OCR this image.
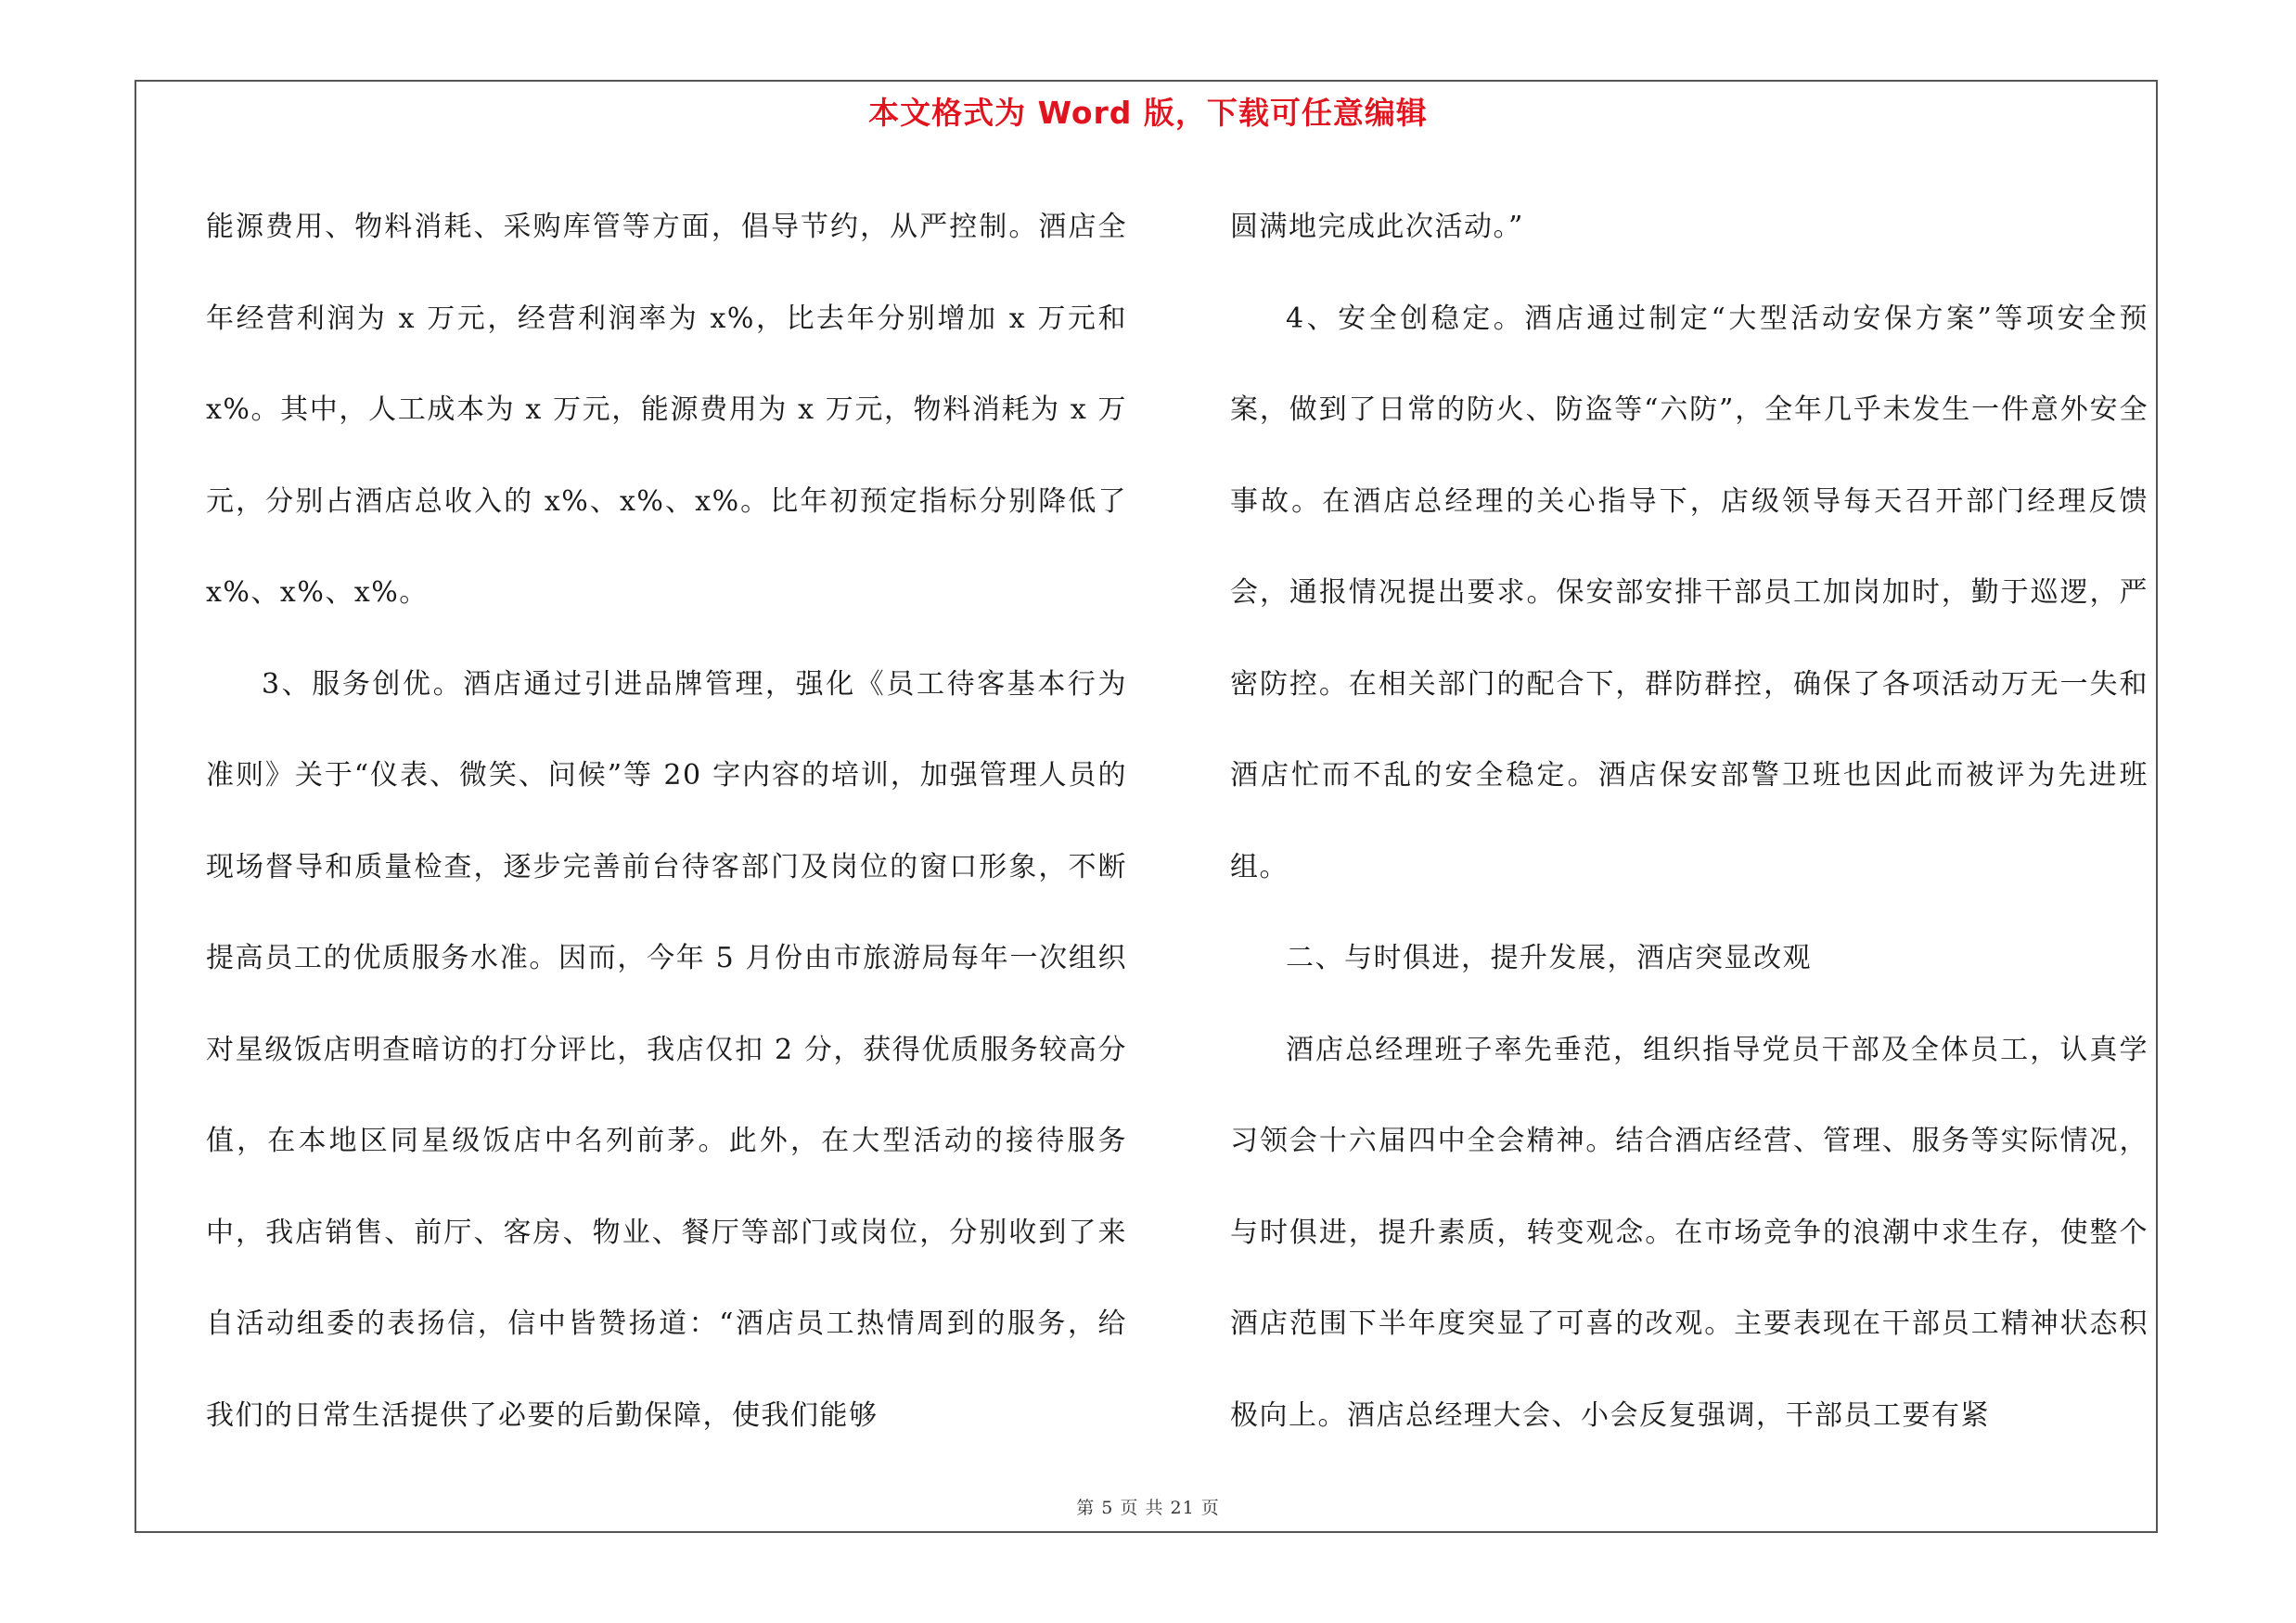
本文格式为 Word 版，下载可任意编辑

能源费用、物料消耗、采购库管等方面，倡导节约，从严控制。酒店全年经营利润为 x 万元，经营利润率为 x%，比去年分别增加 x 万元和 x%。其中，人工成本为 x 万元，能源费用为 x 万元，物料消耗为 x 万元，分别占酒店总收入的 x%、x%、x%。比年初预定指标分别降低了 x%、x%、x%。

3、服务创优。酒店通过引进品牌管理，强化《员工待客基本行为准则》关于“仪表、微笑、问候”等 20 字内容的培训，加强管理人员的现场督导和质量检查，逐步完善前台待客部门及岗位的窗口形象，不断提高员工的优质服务水准。因而，今年 5 月份由市旅游局每年一次组织对星级饭店明查暗访的打分评比，我店仅扣 2 分，获得优质服务较高分值，在本地区同星级饭店中名列前茅。此外，在大型活动的接待服务中，我店销售、前厅、客房、物业、餐厅等部门或岗位，分别收到了来自活动组委的表扬信，信中皆赞扬道：“酒店员工热情周到的服务，给我们的日常生活提供了必要的后勤保障，使我们能够

圆满地完成此次活动。”

4、安全创稳定。酒店通过制定“大型活动安保方案”等项安全预案，做到了日常的防火、防盗等“六防”，全年几乎未发生一件意外安全事故。在酒店总经理的关心指导下，店级领导每天召开部门经理反馈会，通报情况提出要求。保安部安排干部员工加岗加时，勤于巡逻，严密防控。在相关部门的配合下，群防群控，确保了各项活动万无一失和酒店忙而不乱的安全稳定。酒店保安部警卫班也因此而被评为先进班组。

二、与时俱进，提升发展，酒店突显改观

酒店总经理班子率先垂范，组织指导党员干部及全体员工，认真学习领会十六届四中全会精神。结合酒店经营、管理、服务等实际情况，与时俱进，提升素质，转变观念。在市场竞争的浪潮中求生存，使整个酒店范围下半年度突显了可喜的改观。主要表现在干部员工精神状态积极向上。酒店总经理大会、小会反复强调，干部员工要有紧

第 5 页 共 21 页
